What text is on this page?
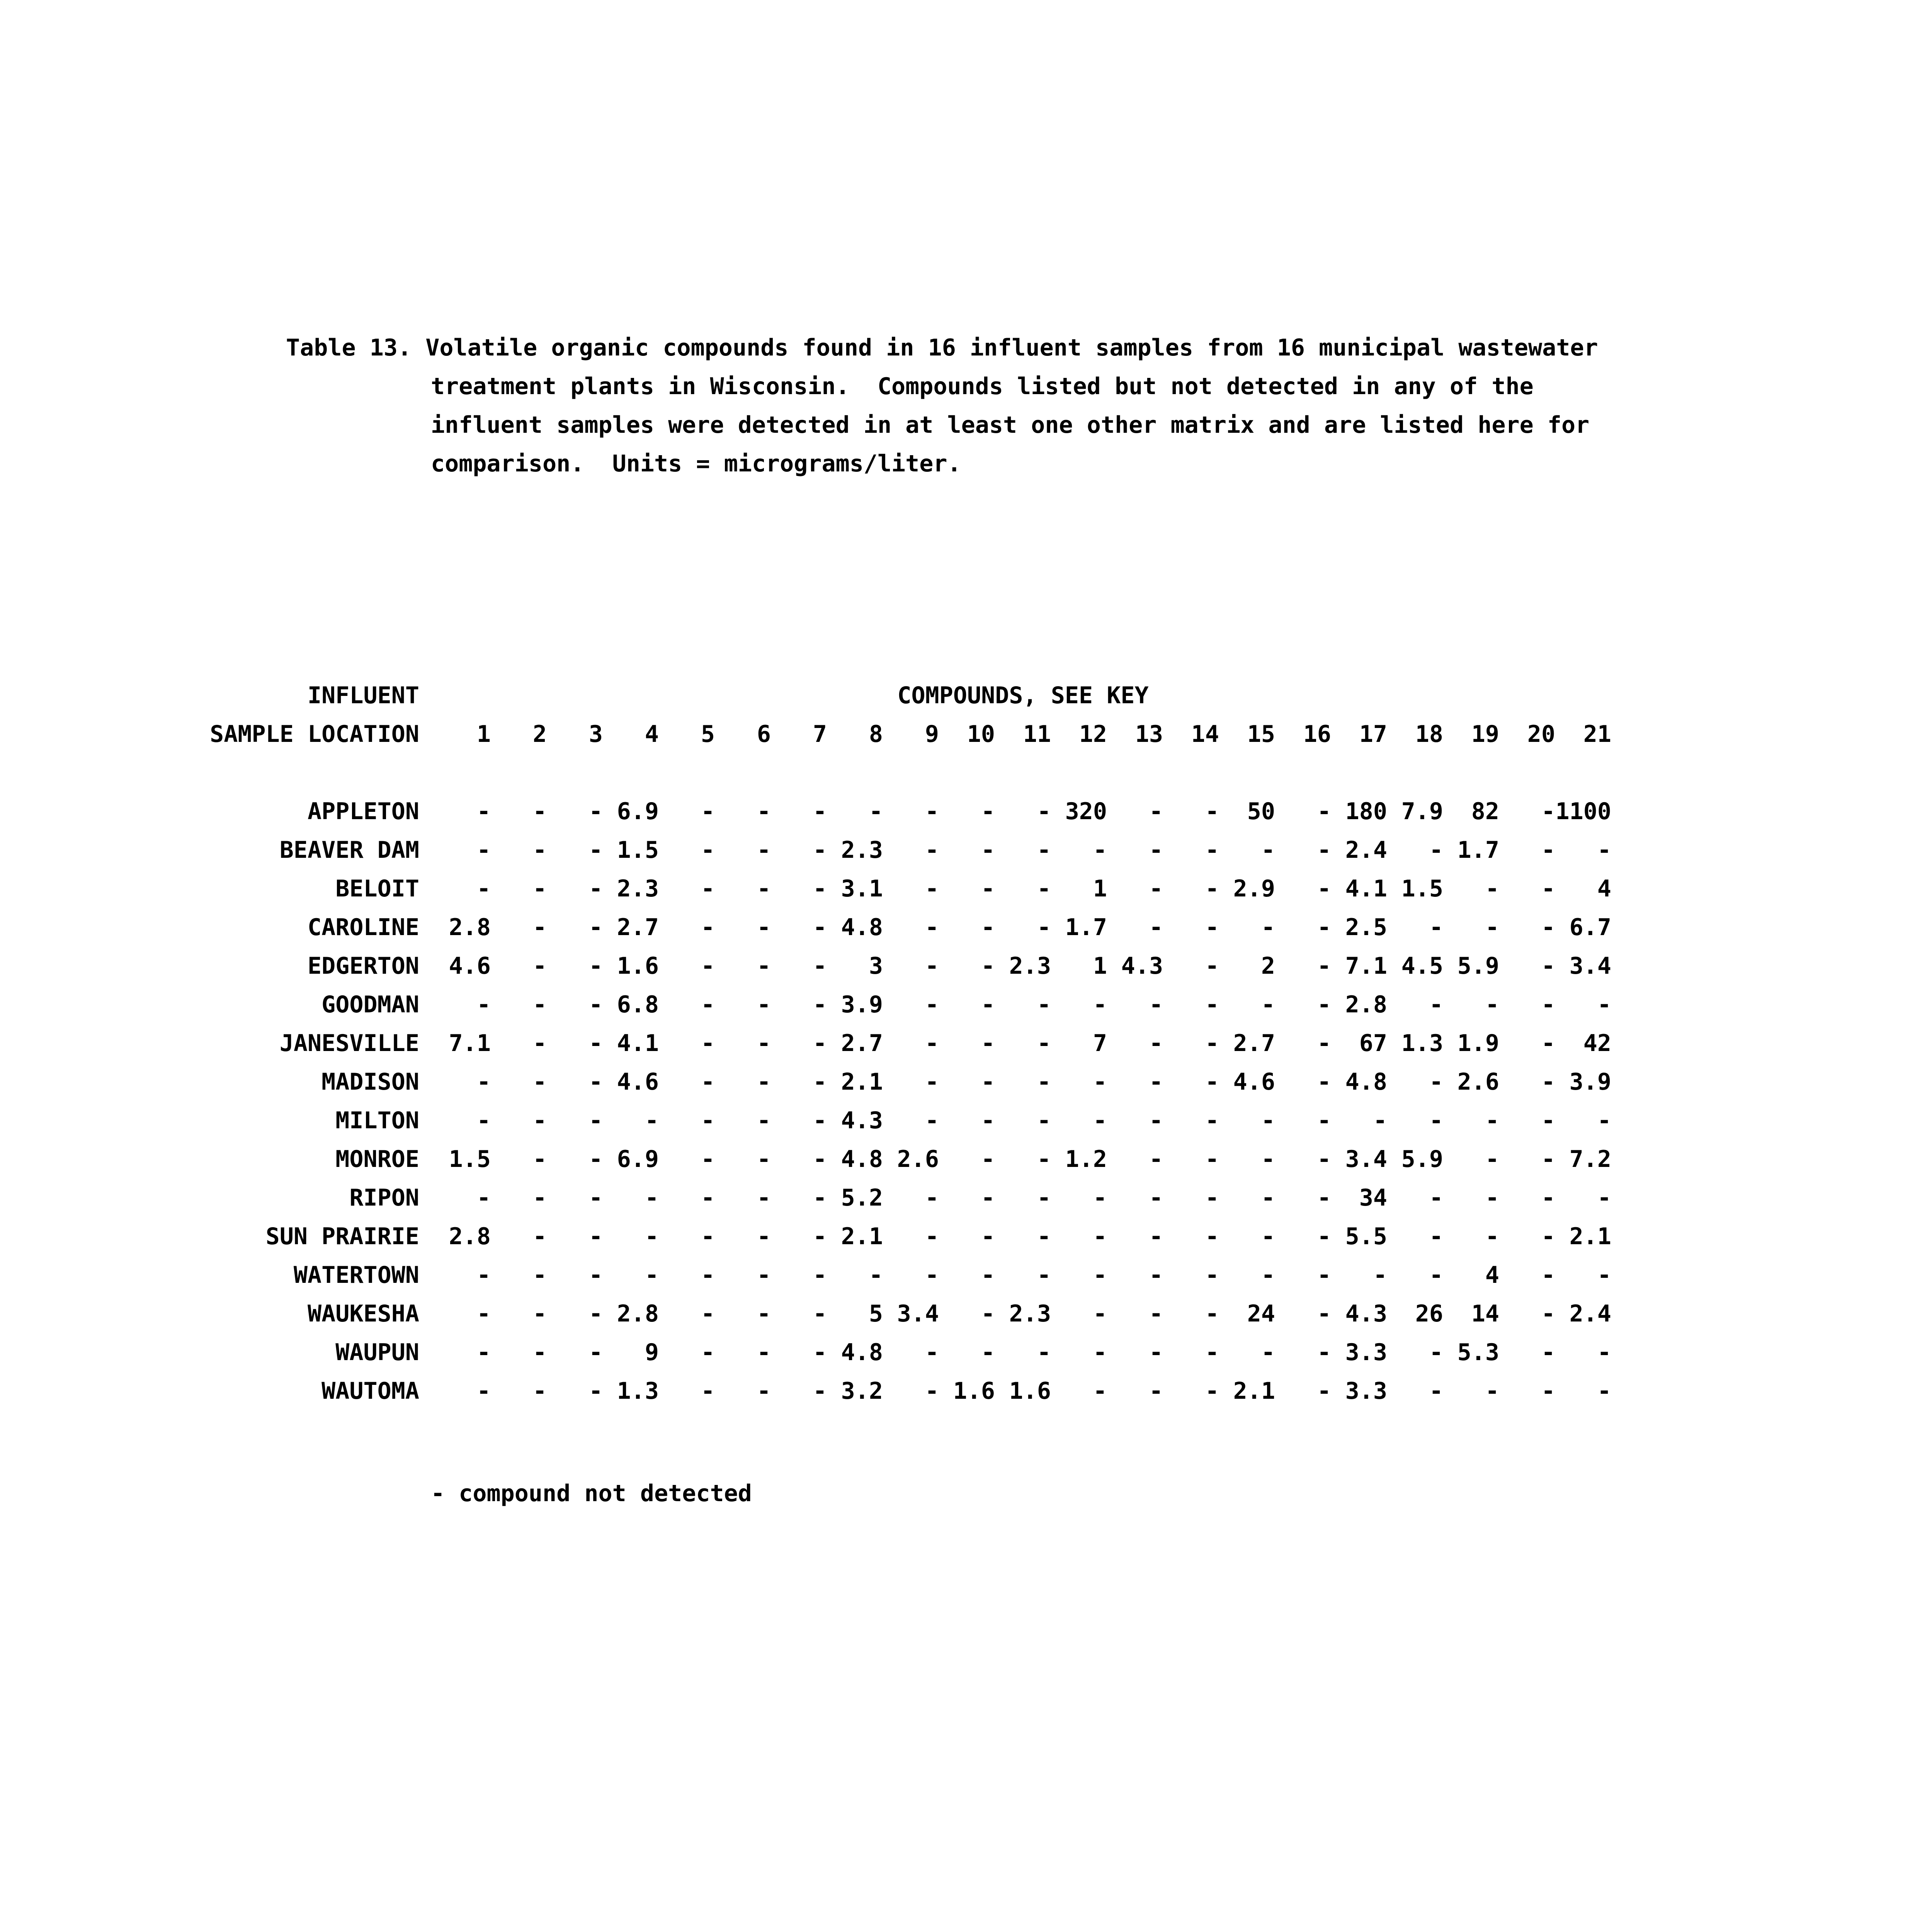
Table 13. Volatile organic compounds found in 16 influent samples from 16 municipal wastewater
treatment plants in Wisconsin.  Compounds listed but not detected in any of the
influent samples were detected in at least one other matrix and are listed here for
comparison.  Units = micrograms/liter.
INFLUENT	COMPOUNDS, SEE KEY																				
SAMPLE LOCATION	1	2	3	4	5	6	7	8	9	10	11	12	13	14	15	16	17	18	19	20	21

APPLETON	-	-	-	6.9	-	-	-	-	-	-	-	320	-	-	50	-	180	7.9	82	-	1100
BEAVER DAM	-	-	-	1.5	-	-	-	2.3	-	-	-	-	-	-	-	-	2.4	-	1.7	-	-
BELOIT	-	-	-	2.3	-	-	-	3.1	-	-	-	1	-	-	2.9	-	4.1	1.5	-	-	4
CAROLINE	2.8	-	-	2.7	-	-	-	4.8	-	-	-	1.7	-	-	-	-	2.5	-	-	-	6.7
EDGERTON	4.6	-	-	1.6	-	-	-	3	-	-	2.3	1	4.3	-	2	-	7.1	4.5	5.9	-	3.4
GOODMAN	-	-	-	6.8	-	-	-	3.9	-	-	-	-	-	-	-	-	2.8	-	-	-	-
JANESVILLE	7.1	-	-	4.1	-	-	-	2.7	-	-	-	7	-	-	2.7	-	67	1.3	1.9	-	42
MADISON	-	-	-	4.6	-	-	-	2.1	-	-	-	-	-	-	4.6	-	4.8	-	2.6	-	3.9
MILTON	-	-	-	-	-	-	-	4.3	-	-	-	-	-	-	-	-	-	-	-	-	-
MONROE	1.5	-	-	6.9	-	-	-	4.8	2.6	-	-	1.2	-	-	-	-	3.4	5.9	-	-	7.2
RIPON	-	-	-	-	-	-	-	5.2	-	-	-	-	-	-	-	-	34	-	-	-	-
SUN PRAIRIE	2.8	-	-	-	-	-	-	2.1	-	-	-	-	-	-	-	-	5.5	-	-	-	2.1
WATERTOWN	-	-	-	-	-	-	-	-	-	-	-	-	-	-	-	-	-	-	4	-	-
WAUKESHA	-	-	-	2.8	-	-	-	5	3.4	-	2.3	-	-	-	24	-	4.3	26	14	-	2.4
WAUPUN	-	-	-	9	-	-	-	4.8	-	-	-	-	-	-	-	-	3.3	-	5.3	-	-
WAUTOMA	-	-	-	1.3	-	-	-	3.2	-	1.6	1.6	-	-	-	2.1	-	3.3	-	-	-	-
- compound not detected
